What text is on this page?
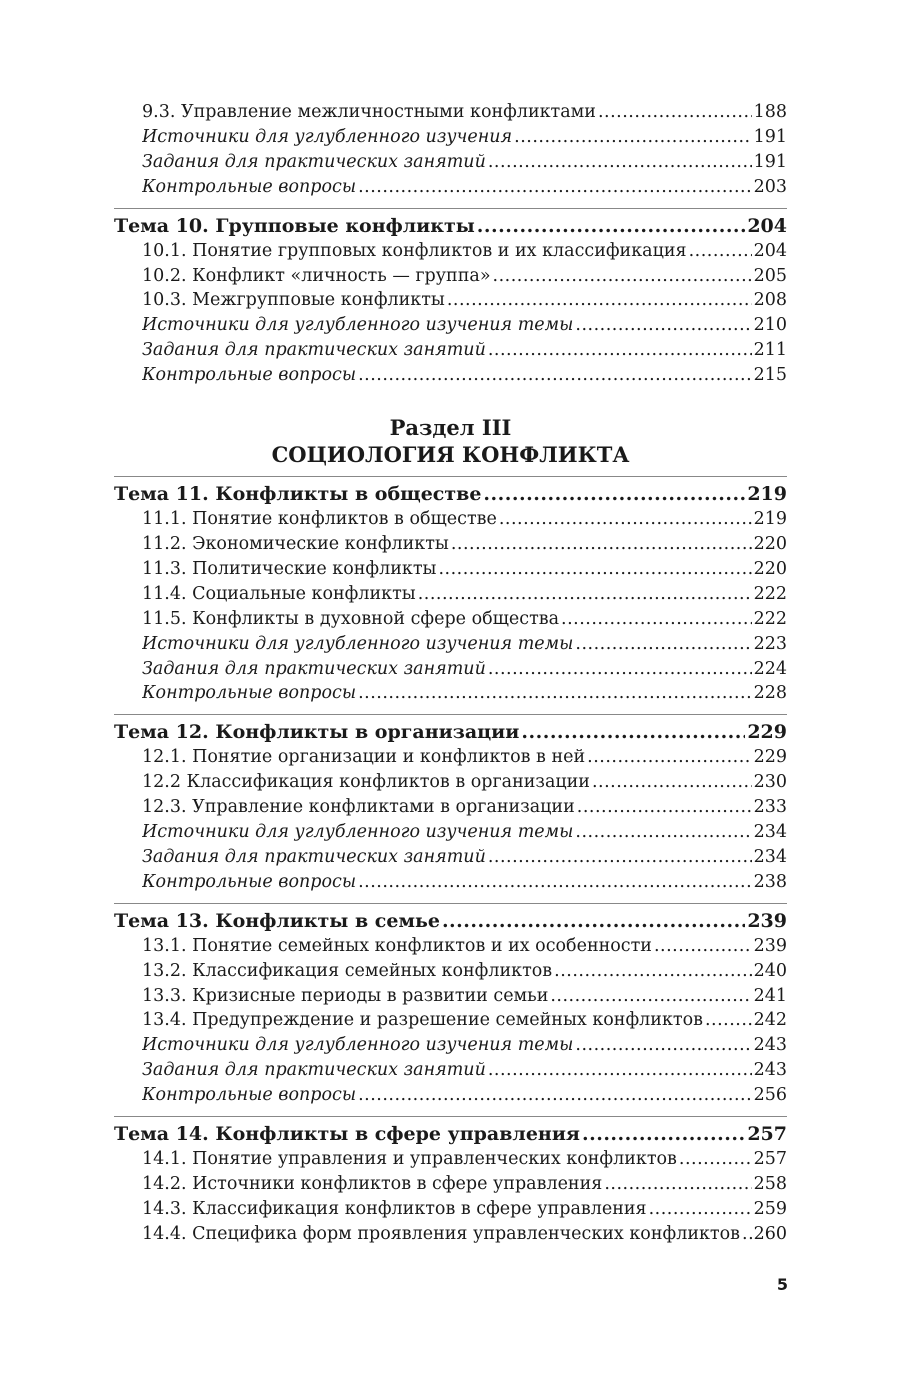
9.3. Управление межличностными конфликтами .....	188
Источники для углубленного изучения .....	191
Задания для практических занятий .....	191
Контрольные вопросы .....	203
Тема 10. Групповые конфликты .....	204
10.1. Понятие групповых конфликтов и их классификация .....	204
10.2. Конфликт «личность — группа» .....	205
10.3. Межгрупповые конфликты .....	208
Источники для углубленного изучения темы .....	210
Задания для практических занятий .....	211
Контрольные вопросы .....	215
Раздел III
СОЦИОЛОГИЯ КОНФЛИКТА
Тема 11. Конфликты в обществе .....	219
11.1. Понятие конфликтов в обществе .....	219
11.2. Экономические конфликты .....	220
11.3. Политические конфликты .....	220
11.4. Социальные конфликты .....	222
11.5. Конфликты в духовной сфере общества .....	222
Источники для углубленного изучения темы .....	223
Задания для практических занятий .....	224
Контрольные вопросы .....	228
Тема 12. Конфликты в организации .....	229
12.1. Понятие организации и конфликтов в ней .....	229
12.2 Классификация конфликтов в организации .....	230
12.3. Управление конфликтами в организации .....	233
Источники для углубленного изучения темы .....	234
Задания для практических занятий .....	234
Контрольные вопросы .....	238
Тема 13. Конфликты в семье .....	239
13.1. Понятие семейных конфликтов и их особенности .....	239
13.2. Классификация семейных конфликтов .....	240
13.3. Кризисные периоды в развитии семьи .....	241
13.4. Предупреждение и разрешение семейных конфликтов .....	242
Источники для углубленного изучения темы .....	243
Задания для практических занятий .....	243
Контрольные вопросы .....	256
Тема 14. Конфликты в сфере управления .....	257
14.1. Понятие управления и управленческих конфликтов .....	257
14.2. Источники конфликтов в сфере управления .....	258
14.3. Классификация конфликтов в сфере управления .....	259
14.4. Специфика форм проявления управленческих конфликтов ..... 260
5
